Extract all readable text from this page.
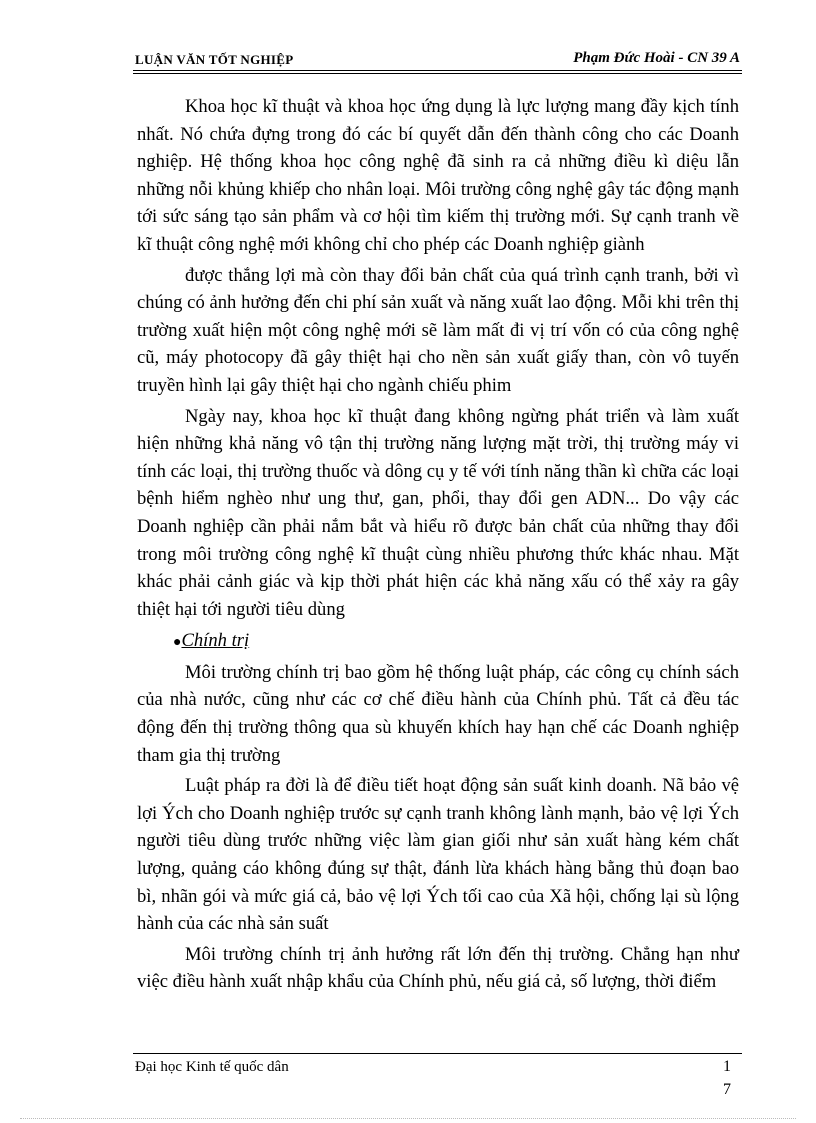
LUẬN VĂN TỐT NGHIỆP	Phạm Đức Hoài - CN 39 A

Khoa học kĩ thuật và khoa học ứng dụng là lực lượng mang đầy kịch tính nhất. Nó chứa đựng trong đó các bí quyết dẫn đến thành công cho các Doanh nghiệp. Hệ thống khoa học công nghệ đã sinh ra cả những điều kì diệu lẫn những nỗi khủng khiếp cho nhân loại. Môi trường công nghệ gây tác động mạnh tới sức sáng tạo sản phẩm và cơ hội tìm kiếm thị trường mới. Sự cạnh tranh về kĩ thuật công nghệ mới không chỉ cho phép các Doanh nghiệp giành

được thắng lợi mà còn thay đổi bản chất của quá trình cạnh tranh, bởi vì chúng có ảnh hưởng đến chi phí sản xuất và năng xuất lao động. Mỗi khi trên thị trường xuất hiện một công nghệ mới sẽ làm mất đi vị trí vốn có của công nghệ cũ, máy photocopy đã gây thiệt hại cho nền sản xuất giấy than, còn vô tuyến truyền hình lại gây thiệt hại cho ngành chiếu phim

Ngày nay, khoa học kĩ thuật đang không ngừng phát triển và làm xuất hiện những khả năng vô tận thị trường năng lượng mặt trời, thị trường máy vi tính các loại, thị trường thuốc và dông cụ y tế với tính năng thần kì chữa các loại bệnh hiểm nghèo như ung thư, gan, phổi, thay đổi gen ADN... Do vậy các Doanh nghiệp cần phải nắm bắt và hiểu rõ được bản chất của những thay đổi trong môi trường công nghệ kĩ thuật cùng nhiều phương thức khác nhau. Mặt khác phải cảnh giác và kịp thời phát hiện các khả năng xấu có thể xảy ra gây thiệt hại tới người tiêu dùng

●Chính trị

Môi trường chính trị bao gồm hệ thống luật pháp, các công cụ chính sách của nhà nước, cũng như các cơ chế điều hành của Chính phủ. Tất cả đều tác động đến thị trường thông qua sù khuyến khích hay hạn chế các Doanh nghiệp tham gia thị trường

Luật pháp ra đời là để điều tiết hoạt động sản suất kinh doanh. Nã bảo vệ lợi Ých cho Doanh nghiệp trước sự cạnh tranh không lành mạnh, bảo vệ lợi Ých người tiêu dùng trước những việc làm gian giối như sản xuất hàng kém chất lượng, quảng cáo không đúng sự thật, đánh lừa khách hàng bằng thủ đoạn bao bì, nhãn gói và mức giá cả, bảo vệ lợi Ých tối cao của Xã hội, chống lại sù lộng hành của các nhà sản suất

Môi trường chính trị ảnh hưởng rất lớn đến thị trường. Chẳng hạn như việc điều hành xuất nhập khẩu của Chính phủ, nếu giá cả, số lượng, thời điểm

Đại học Kinh tế quốc dân	1
7
